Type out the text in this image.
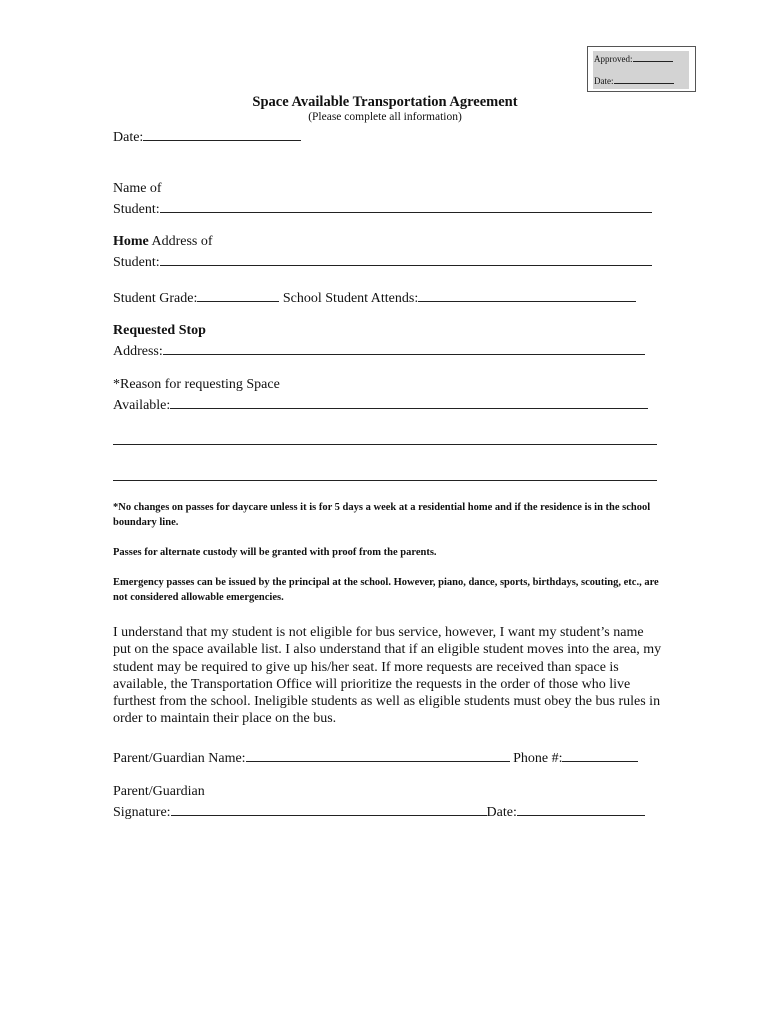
Approved:
Date:
Space Available Transportation Agreement
(Please complete all information)
Date:
Name of
Student:
Home Address of
Student:
Student Grade:	School Student Attends:
Requested Stop
Address:
*Reason for requesting Space
Available:
*No changes on passes for daycare unless it is for 5 days a week at a residential home and if the residence is in the school boundary line.
Passes for alternate custody will be granted with proof from the parents.
Emergency passes can be issued by the principal at the school. However, piano, dance, sports, birthdays, scouting, etc., are not considered allowable emergencies.
I understand that my student is not eligible for bus service, however, I want my student’s name put on the space available list. I also understand that if an eligible student moves into the area, my student may be required to give up his/her seat. If more requests are received than space is available, the Transportation Office will prioritize the requests in the order of those who live furthest from the school. Ineligible students as well as eligible students must obey the bus rules in order to maintain their place on the bus.
Parent/Guardian Name:	Phone #:
Parent/Guardian
Signature:	Date:
